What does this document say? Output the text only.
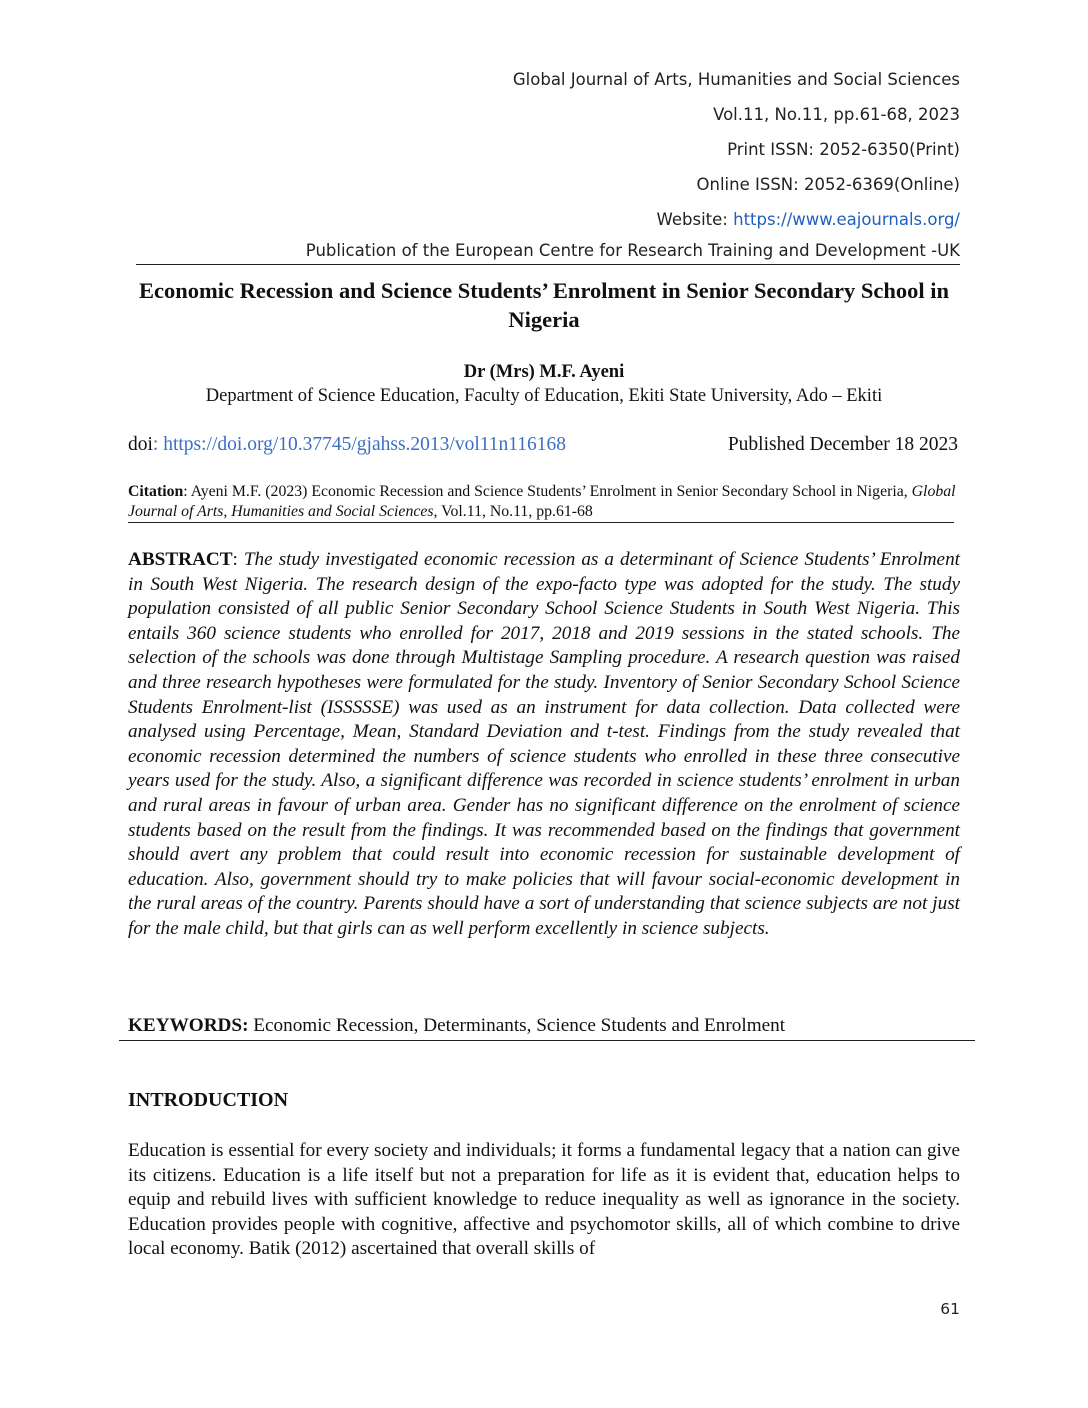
Global Journal of Arts, Humanities and Social Sciences
Vol.11, No.11, pp.61-68, 2023
Print ISSN: 2052-6350(Print)
Online ISSN: 2052-6369(Online)
Website: https://www.eajournals.org/
Publication of the European Centre for Research Training and Development -UK
Economic Recession and Science Students’ Enrolment in Senior Secondary School in Nigeria
Dr (Mrs) M.F. Ayeni
Department of Science Education, Faculty of Education, Ekiti State University, Ado – Ekiti
doi: https://doi.org/10.37745/gjahss.2013/vol11n116168	Published December 18 2023
Citation: Ayeni M.F. (2023) Economic Recession and Science Students’ Enrolment in Senior Secondary School in Nigeria, Global Journal of Arts, Humanities and Social Sciences, Vol.11, No.11, pp.61-68
ABSTRACT: The study investigated economic recession as a determinant of Science Students’ Enrolment in South West Nigeria. The research design of the expo-facto type was adopted for the study. The study population consisted of all public Senior Secondary School Science Students in South West Nigeria. This entails 360 science students who enrolled for 2017, 2018 and 2019 sessions in the stated schools. The selection of the schools was done through Multistage Sampling procedure. A research question was raised and three research hypotheses were formulated for the study. Inventory of Senior Secondary School Science Students Enrolment-list (ISSSSSE) was used as an instrument for data collection. Data collected were analysed using Percentage, Mean, Standard Deviation and t-test. Findings from the study revealed that economic recession determined the numbers of science students who enrolled in these three consecutive years used for the study. Also, a significant difference was recorded in science students’ enrolment in urban and rural areas in favour of urban area. Gender has no significant difference on the enrolment of science students based on the result from the findings. It was recommended based on the findings that government should avert any problem that could result into economic recession for sustainable development of education. Also, government should try to make policies that will favour social-economic development in the rural areas of the country. Parents should have a sort of understanding that science subjects are not just for the male child, but that girls can as well perform excellently in science subjects.
KEYWORDS: Economic Recession, Determinants, Science Students and Enrolment
INTRODUCTION
Education is essential for every society and individuals; it forms a fundamental legacy that a nation can give its citizens. Education is a life itself but not a preparation for life as it is evident that, education helps to equip and rebuild lives with sufficient knowledge to reduce inequality as well as ignorance in the society. Education provides people with cognitive, affective and psychomotor skills, all of which combine to drive local economy. Batik (2012) ascertained that overall skills of
61
